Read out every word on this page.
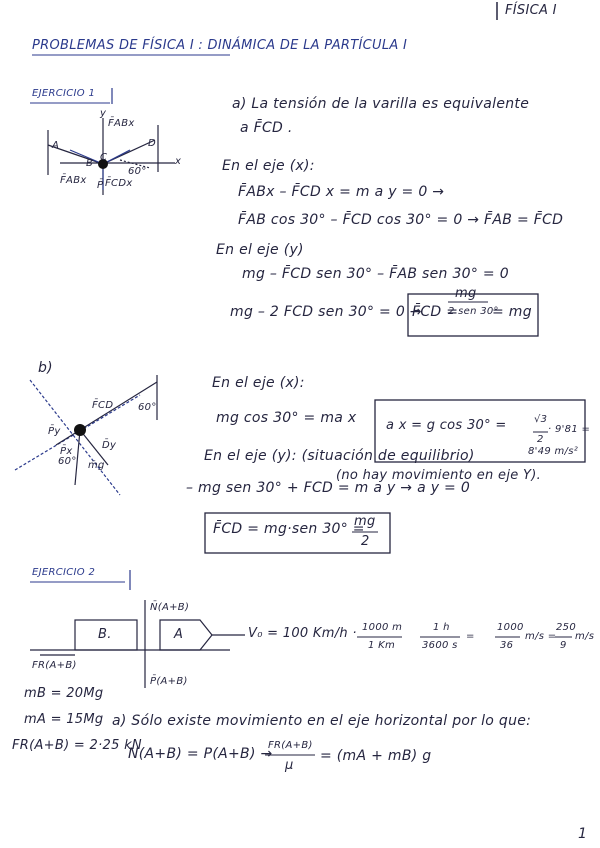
FÍSICA I
PROBLEMAS DE FÍSICA I : DINÁMICA DE LA PARTÍCULA I
EJERCICIO 1
A
B
C
D
F̄ABx
F̄ABx F̄CDx
P̄
y
x
60°
a) La tensión de la varilla es equivalente
a F̄CD .
En el eje (x):
F̄ABx – F̄CD x = m a y = 0 →
F̄AB cos 30° – F̄CD cos 30° = 0 → F̄AB = F̄CD
En el eje (y)
mg – F̄CD sen 30° – F̄AB sen 30° = 0
mg – 2 FCD sen 30° = 0 →
F̄CD =
mg
2 sen 30°
= mg
b)
F̄CD 60°
P̄y
P̄x
D̄y
m̄g
60°
En el eje (x):
mg cos 30° = ma x a x = g cos 30° =	√3
2
· 9'81 =
8'49 m/s²
En el eje (y): (situación de equilibrio)
(no hay movimiento en eje Y).
– mg sen 30° + FCD = m a y → a y = 0
F̄CD = mg·sen 30° =
mg
2
EJERCICIO 2
B.	A
N̄(A+B)
P̄(A+B)
FR(A+B)
V₀ = 100 Km/h · 1000 m
1 Km
1 h
3600 s
=
1000
36
m/s =
250
9
m/s
mB = 20Mg
mA = 15Mg
FR(A+B) = 2·25 kN
a) Sólo existe movimiento en el eje horizontal por lo que:
N(A+B) = P(A+B) →
FR(A+B)
μ
= (mA + mB) g
1
